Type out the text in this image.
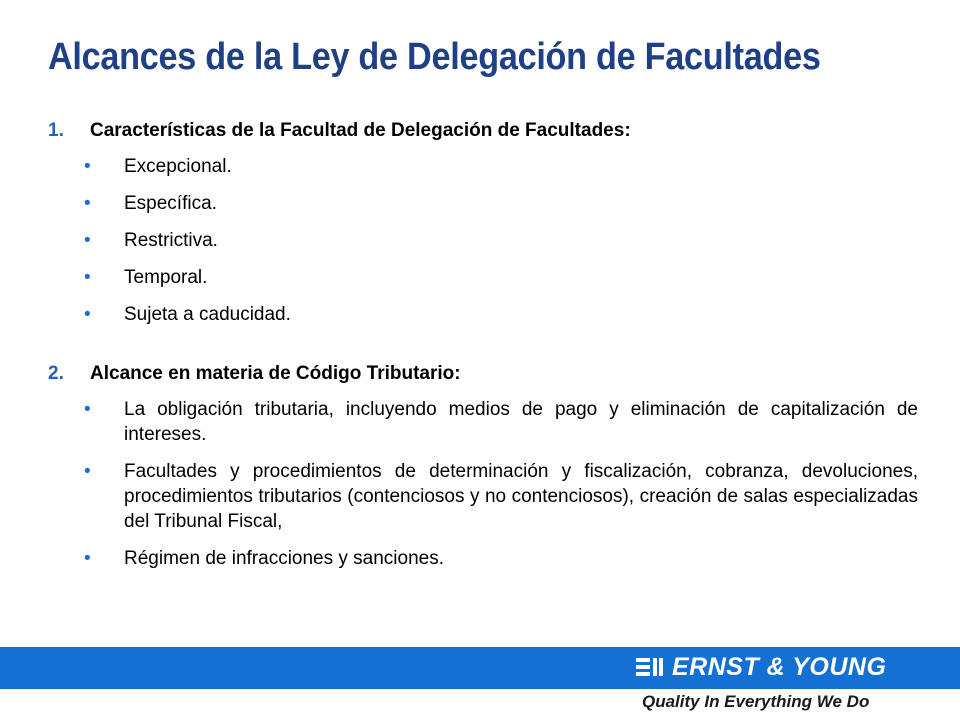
Alcances de la Ley de Delegación de Facultades
1.	Características de la Facultad de Delegación de Facultades:
•	Excepcional.
•	Específica.
•	Restrictiva.
•	Temporal.
•	Sujeta a caducidad.
2.	Alcance en materia de Código Tributario:
•	La obligación tributaria, incluyendo medios de pago y eliminación de capitalización de intereses.
•	Facultades y procedimientos de determinación y fiscalización, cobranza, devoluciones, procedimientos tributarios (contenciosos y no contenciosos), creación de salas especializadas del Tribunal Fiscal,
•	Régimen de infracciones y sanciones.
ERNST & YOUNG
Quality In Everything We Do
